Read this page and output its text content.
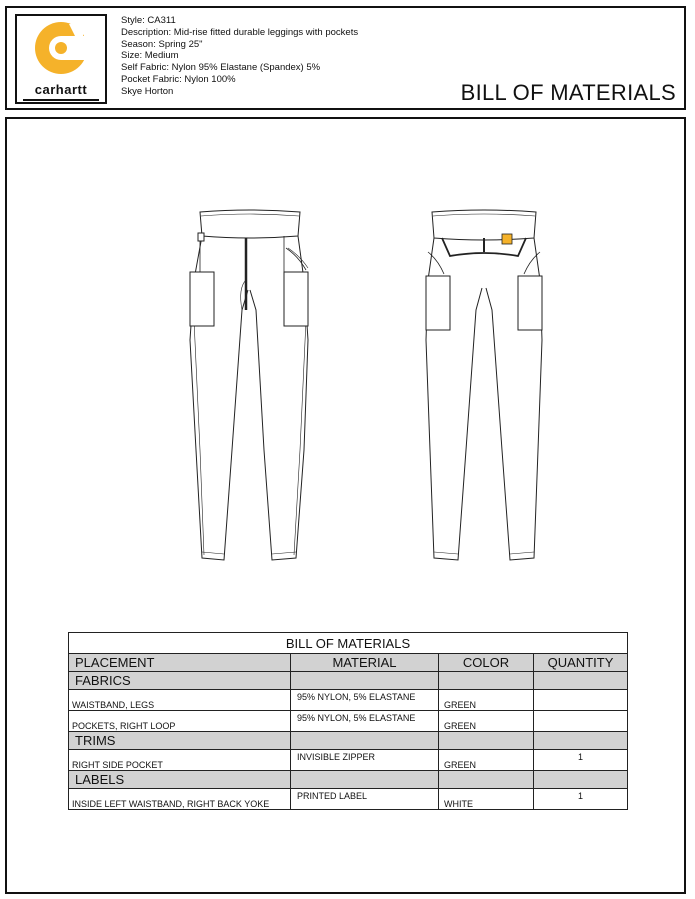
carhartt
Style: CA311
Description: Mid-rise fitted durable leggings with pockets
Season: Spring 25"
Size: Medium
Self Fabric: Nylon 95% Elastane (Spandex) 5%
Pocket Fabric: Nylon 100%
Skye Horton	BILL OF MATERIALS
BILL OF MATERIALS			
PLACEMENT	MATERIAL	COLOR	QUANTITY
FABRICS			
WAISTBAND, LEGS	95% NYLON, 5% ELASTANE	GREEN	
POCKETS, RIGHT LOOP	95% NYLON, 5% ELASTANE	GREEN	
TRIMS			
RIGHT SIDE POCKET	INVISIBLE ZIPPER	GREEN	1
LABELS			
INSIDE LEFT WAISTBAND, RIGHT BACK YOKE	PRINTED LABEL	WHITE	1
